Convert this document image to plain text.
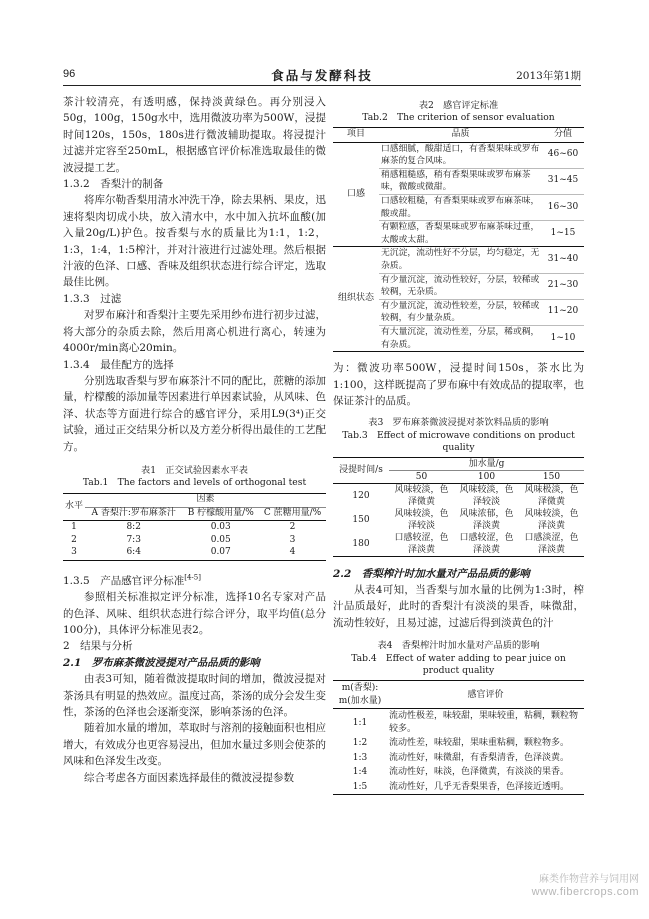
96	食品与发酵科技	2013年第1期

茶汁较清亮，有透明感，保持淡黄绿色。再分别浸入50g，100g，150g水中，选用微波功率为500W，浸提时间120s，150s，180s进行微波辅助提取。将浸提汁过滤并定容至250mL，根据感官评价标准选取最佳的微波浸提工艺。

1.3.2　香梨汁的制备

将库尔勒香梨用清水冲洗干净，除去果柄、果皮，迅速将梨肉切成小块，放入清水中，水中加入抗坏血酸(加入量20g/L)护色。按香梨与水的质量比为1:1，1:2，1:3，1:4，1:5榨汁，并对汁液进行过滤处理。然后根据汁液的色泽、口感、香味及组织状态进行综合评定，选取最佳比例。

1.3.3　过滤

对罗布麻汁和香梨汁主要先采用纱布进行初步过滤，将大部分的杂质去除，然后用离心机进行离心，转速为4000r/min离心20min。

1.3.4　最佳配方的选择

分别选取香梨与罗布麻茶汁不同的配比，蔗糖的添加量，柠檬酸的添加量等因素进行单因素试验，从风味、色泽、状态等方面进行综合的感官评分，采用L9(3⁴)正交试验，通过正交结果分析以及方差分析得出最佳的工艺配方。

表1　正交试验因素水平表
Tab.1　The factors and levels of orthogonal test
水平	因素		
	A 香梨汁:罗布麻茶汁	B 柠檬酸用量/%	C 蔗糖用量/%
1	8:2	0.03	2
2	7:3	0.05	3
3	6:4	0.07	4

1.3.5　产品感官评分标准[4-5]

参照相关标准拟定评分标准，选择10名专家对产品的色泽、风味、组织状态进行综合评分，取平均值(总分100分)，具体评分标准见表2。

2　结果与分析

2.1　罗布麻茶微波浸提对产品品质的影响

由表3可知，随着微波提取时间的增加，微波浸提对茶汤具有明显的热效应。温度过高，茶汤的成分会发生变性，茶汤的色泽也会逐渐变深，影响茶汤的色泽。

随着加水量的增加，萃取时与溶剂的接触面积也相应增大，有效成分也更容易浸出，但加水量过多则会使茶的风味和色泽发生改变。

综合考虑各方面因素选择最佳的微波浸提参数

表2　感官评定标准
Tab.2　The criterion of sensor evaluation
项目	品质	分值
口感	口感细腻，酸甜适口，有香梨果味或罗布麻茶的复合风味。	46~60
	稍感粗糙感，稍有香梨果味或罗布麻茶味，微酸或微甜。	31~45
	口感较粗糙，有香梨果味或罗布麻茶味，酸或甜。	16~30
	有颗粒感，香梨果味或罗布麻茶味过重，太酸或太甜。	1~15
组织状态	无沉淀，流动性好不分层，均匀稳定，无杂质。	31~40
	有少量沉淀，流动性较好，分层，较稀或较稠，无杂质。	21~30
	有少量沉淀，流动性较差，分层，较稀或较稠，有少量杂质。	11~20
	有大量沉淀，流动性差，分层，稀或稠，有杂质。	1~10

为：微波功率500W，浸提时间150s，茶水比为1:100，这样既提高了罗布麻中有效成品的提取率，也保证茶汁的品质。

表3　罗布麻茶微波浸提对茶饮料品质的影响
Tab.3　Effect of microwave conditions on product quality
浸提时间/s	加水量/g		
	50	100	150
120	风味较淡，色泽微黄	风味较淡，色泽较淡	风味极淡，色泽微黄
150	风味较淡，色泽较淡	风味浓郁，色泽淡黄	风味较淡，色泽淡黄
180	口感较涩，色泽淡黄	口感较涩，色泽淡黄	口感淡涩，色泽淡黄

2.2　香梨榨汁时加水量对产品品质的影响

从表4可知，当香梨与加水量的比例为1:3时，榨汁品质最好，此时的香梨汁有淡淡的果香，味微甜，流动性较好，且易过滤，过滤后得到淡黄色的汁

表4　香梨榨汁时加水量对产品质的影响
Tab.4　Effect of water adding to pear juice on
product quality
m(香梨):
m(加水量)	感官评价
1:1	流动性极差，味较甜，果味较重，粘稠，颗粒物较多。
1:2	流动性差，味较甜，果味重粘稠，颗粒物多。
1:3	流动性好，味微甜，有香梨清香，色泽淡黄。
1:4	流动性好，味淡，色泽微黄，有淡淡的果香。
1:5	流动性好，几乎无香梨果香，色泽接近透明。
麻类作物营养与饲用网
www.fibercrops.com
